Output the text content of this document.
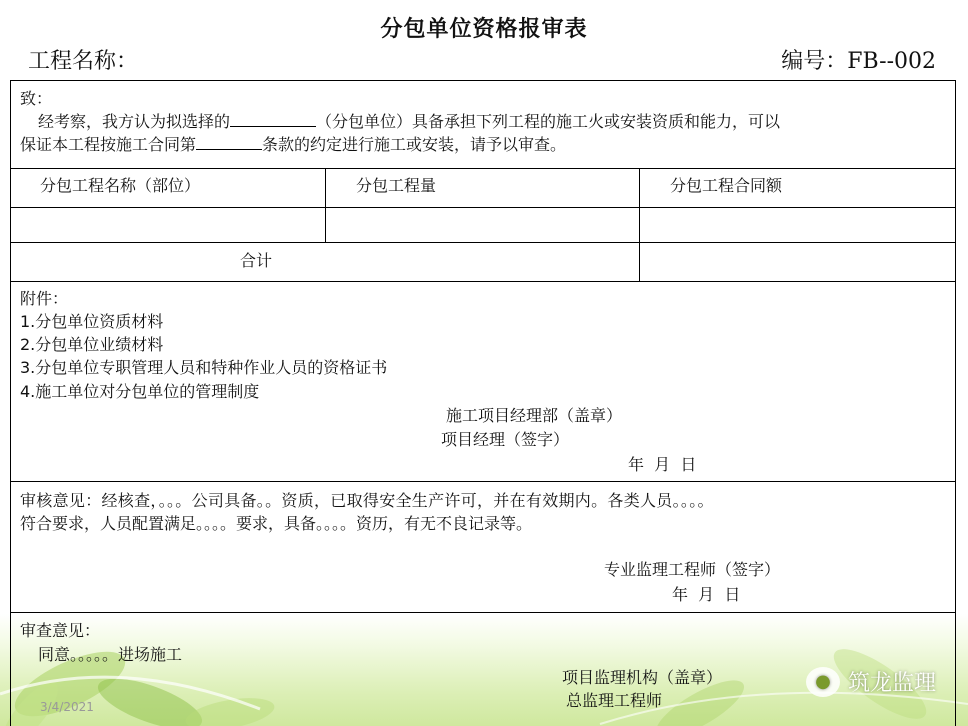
分包单位资格报审表
工程名称：	编号：FB--002
致：
经考察，我方认为拟选择的	（分包单位）具备承担下列工程的施工火或安装资质和能力，可以
保证本工程按施工合同第	条款的约定进行施工或安装，请予以审查。
分包工程名称（部位）	分包工程量	分包工程合同额
合计
附件：
1.分包单位资质材料
2.分包单位业绩材料
3.分包单位专职管理人员和特种作业人员的资格证书
4.施工单位对分包单位的管理制度
施工项目经理部（盖章）
项目经理（签字）
年  月  日
审核意见：经核查，。。。公司具备。。资质，已取得安全生产许可，并在有效期内。各类人员。。。。
符合要求，人员配置满足。。。。要求，具备。。。。资历，有无不良记录等。
专业监理工程师（签字）
年  月  日
审查意见：
同意。。。。。进场施工
项目监理机构（盖章）
总监理工程师
● 筑龙监理
3/4/2021
